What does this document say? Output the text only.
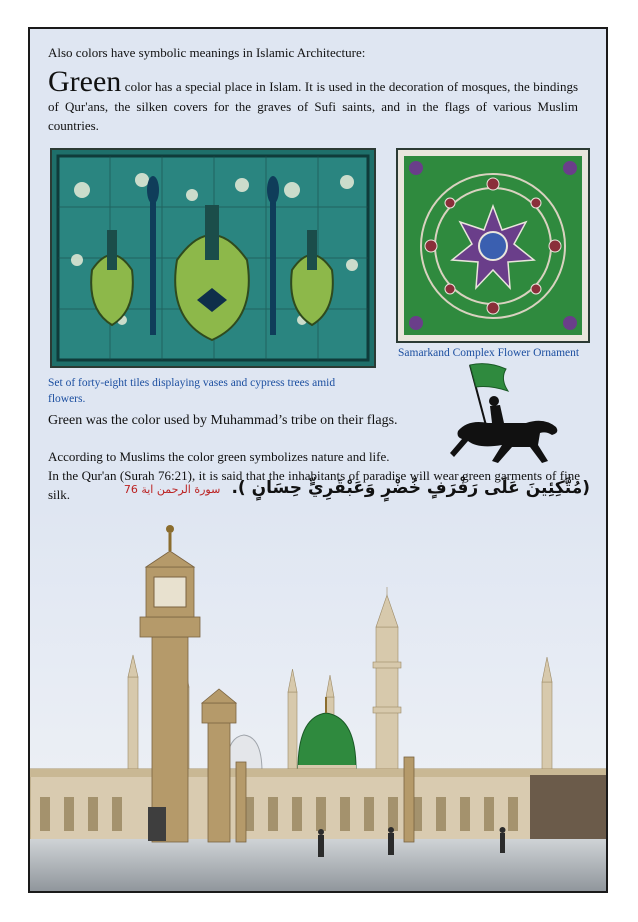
Also colors have symbolic meanings in Islamic Architecture:
Green color has a special place in Islam. It is used in the decoration of mosques, the bindings of Qur'ans, the silken covers for the graves of Sufi saints, and in the flags of various Muslim countries.
Samarkand Complex Flower Ornament
Set of forty-eight tiles displaying vases and cypress trees amid flowers.
Green was the color used by Muhammad’s tribe on their flags.
According to Muslims the color green symbolizes nature and life.
In the Qur'an (Surah 76:21), it is said that the inhabitants of paradise will wear green garments of fine silk.	(مُتَّكِئِينَ عَلَى رَفْرَفٍ خُضْرٍ وَعَبْقَرِيٍّ حِسَانٍ ). سورة الرحمن اية 76
